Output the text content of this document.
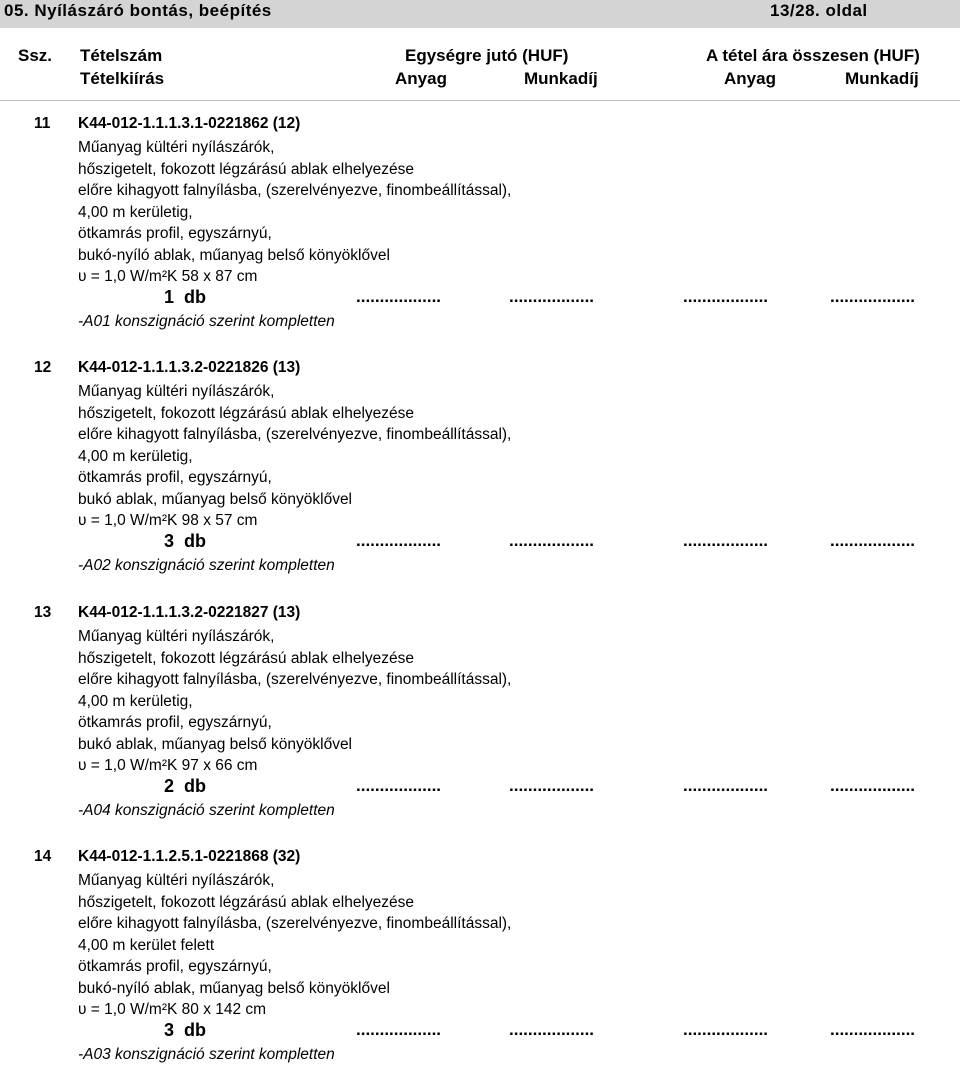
05. Nyílászáró bontás, beépítés	13/28. oldal
Ssz. Tételszám
Tételkiírás
Egységre jutó (HUF)	A tétel ára összesen (HUF)
Anyag	Munkadíj	Anyag	Munkadíj
11 K44-012-1.1.1.3.1-0221862 (12)
Műanyag kültéri nyílászárók,
hőszigetelt, fokozott légzárású ablak elhelyezése
előre kihagyott falnyílásba, (szerelvényezve, finombeállítással),
4,00 m kerületig,
ötkamrás profil, egyszárnyú,
bukó-nyíló ablak, műanyag belső könyöklővel
υ = 1,0 W/m²K 58 x 87 cm
1  db	..................	..................	..................	..................
-A01 konszignáció szerint kompletten
12 K44-012-1.1.1.3.2-0221826 (13)
Műanyag kültéri nyílászárók,
hőszigetelt, fokozott légzárású ablak elhelyezése
előre kihagyott falnyílásba, (szerelvényezve, finombeállítással),
4,00 m kerületig,
ötkamrás profil, egyszárnyú,
bukó ablak, műanyag belső könyöklővel
υ = 1,0 W/m²K 98 x 57 cm
3  db	..................	..................	..................	..................
-A02 konszignáció szerint kompletten
13 K44-012-1.1.1.3.2-0221827 (13)
Műanyag kültéri nyílászárók,
hőszigetelt, fokozott légzárású ablak elhelyezése
előre kihagyott falnyílásba, (szerelvényezve, finombeállítással),
4,00 m kerületig,
ötkamrás profil, egyszárnyú,
bukó ablak, műanyag belső könyöklővel
υ = 1,0 W/m²K 97 x 66 cm
2  db	..................	..................	..................	..................
-A04 konszignáció szerint kompletten
14 K44-012-1.1.2.5.1-0221868 (32)
Műanyag kültéri nyílászárók,
hőszigetelt, fokozott légzárású ablak elhelyezése
előre kihagyott falnyílásba, (szerelvényezve, finombeállítással),
4,00 m kerület felett
ötkamrás profil, egyszárnyú,
bukó-nyíló ablak, műanyag belső könyöklővel
υ = 1,0 W/m²K 80 x 142 cm
3  db	..................	..................	..................	..................
-A03 konszignáció szerint kompletten
